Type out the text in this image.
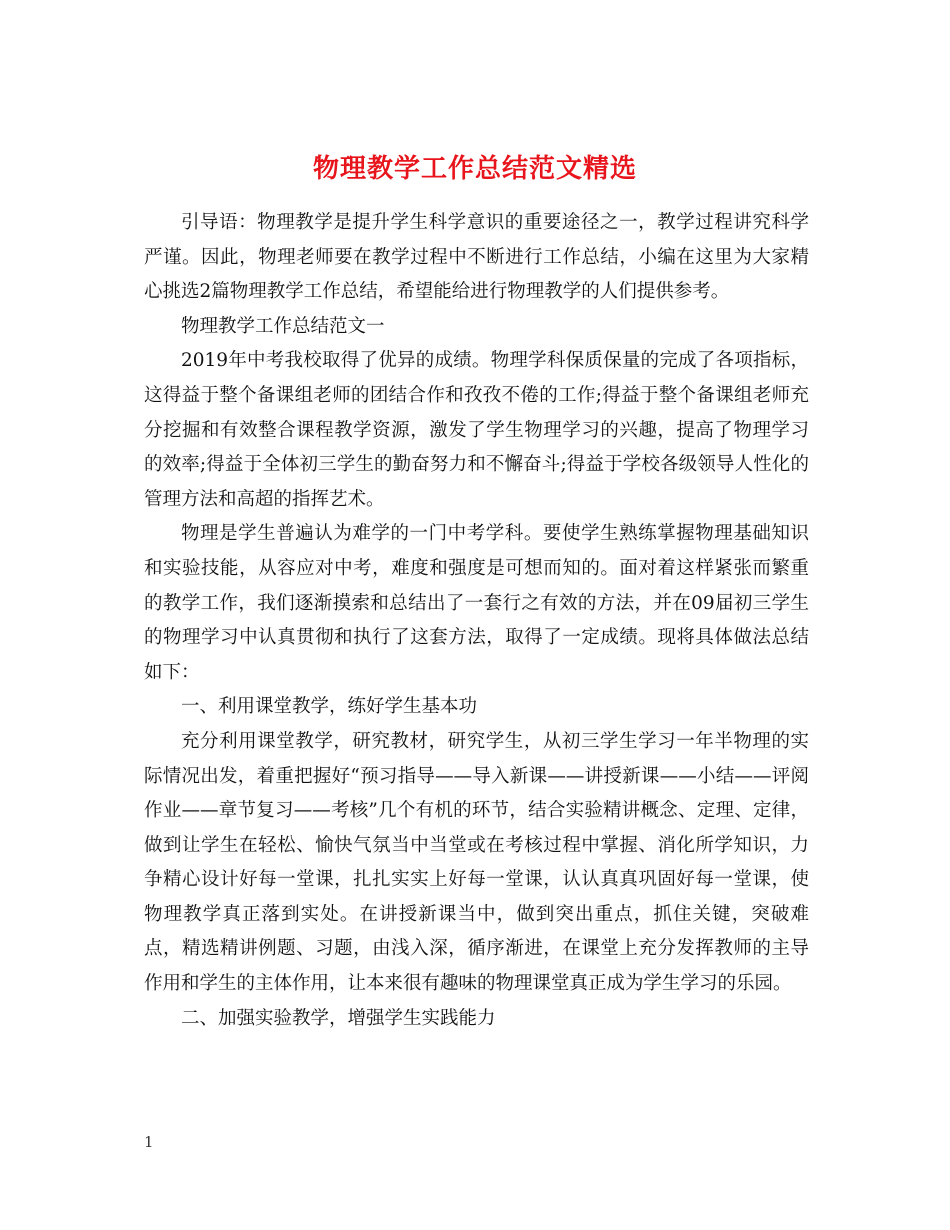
物理教学工作总结范文精选

引导语：物理教学是提升学生科学意识的重要途径之一，教学过程讲究科学严谨。因此，物理老师要在教学过程中不断进行工作总结，小编在这里为大家精心挑选2篇物理教学工作总结，希望能给进行物理教学的人们提供参考。

物理教学工作总结范文一

2019年中考我校取得了优异的成绩。物理学科保质保量的完成了各项指标，这得益于整个备课组老师的团结合作和孜孜不倦的工作;得益于整个备课组老师充分挖掘和有效整合课程教学资源，激发了学生物理学习的兴趣，提高了物理学习的效率;得益于全体初三学生的勤奋努力和不懈奋斗;得益于学校各级领导人性化的管理方法和高超的指挥艺术。

物理是学生普遍认为难学的一门中考学科。要使学生熟练掌握物理基础知识和实验技能，从容应对中考，难度和强度是可想而知的。面对着这样紧张而繁重的教学工作，我们逐渐摸索和总结出了一套行之有效的方法，并在09届初三学生的物理学习中认真贯彻和执行了这套方法，取得了一定成绩。现将具体做法总结如下：

一、利用课堂教学，练好学生基本功

充分利用课堂教学，研究教材，研究学生，从初三学生学习一年半物理的实际情况出发，着重把握好“预习指导——导入新课——讲授新课——小结——评阅作业——章节复习——考核”几个有机的环节，结合实验精讲概念、定理、定律，做到让学生在轻松、愉快气氛当中当堂或在考核过程中掌握、消化所学知识，力争精心设计好每一堂课，扎扎实实上好每一堂课，认认真真巩固好每一堂课，使物理教学真正落到实处。在讲授新课当中，做到突出重点，抓住关键，突破难点，精选精讲例题、习题，由浅入深，循序渐进，在课堂上充分发挥教师的主导作用和学生的主体作用，让本来很有趣味的物理课堂真正成为学生学习的乐园。

二、加强实验教学，增强学生实践能力

1
